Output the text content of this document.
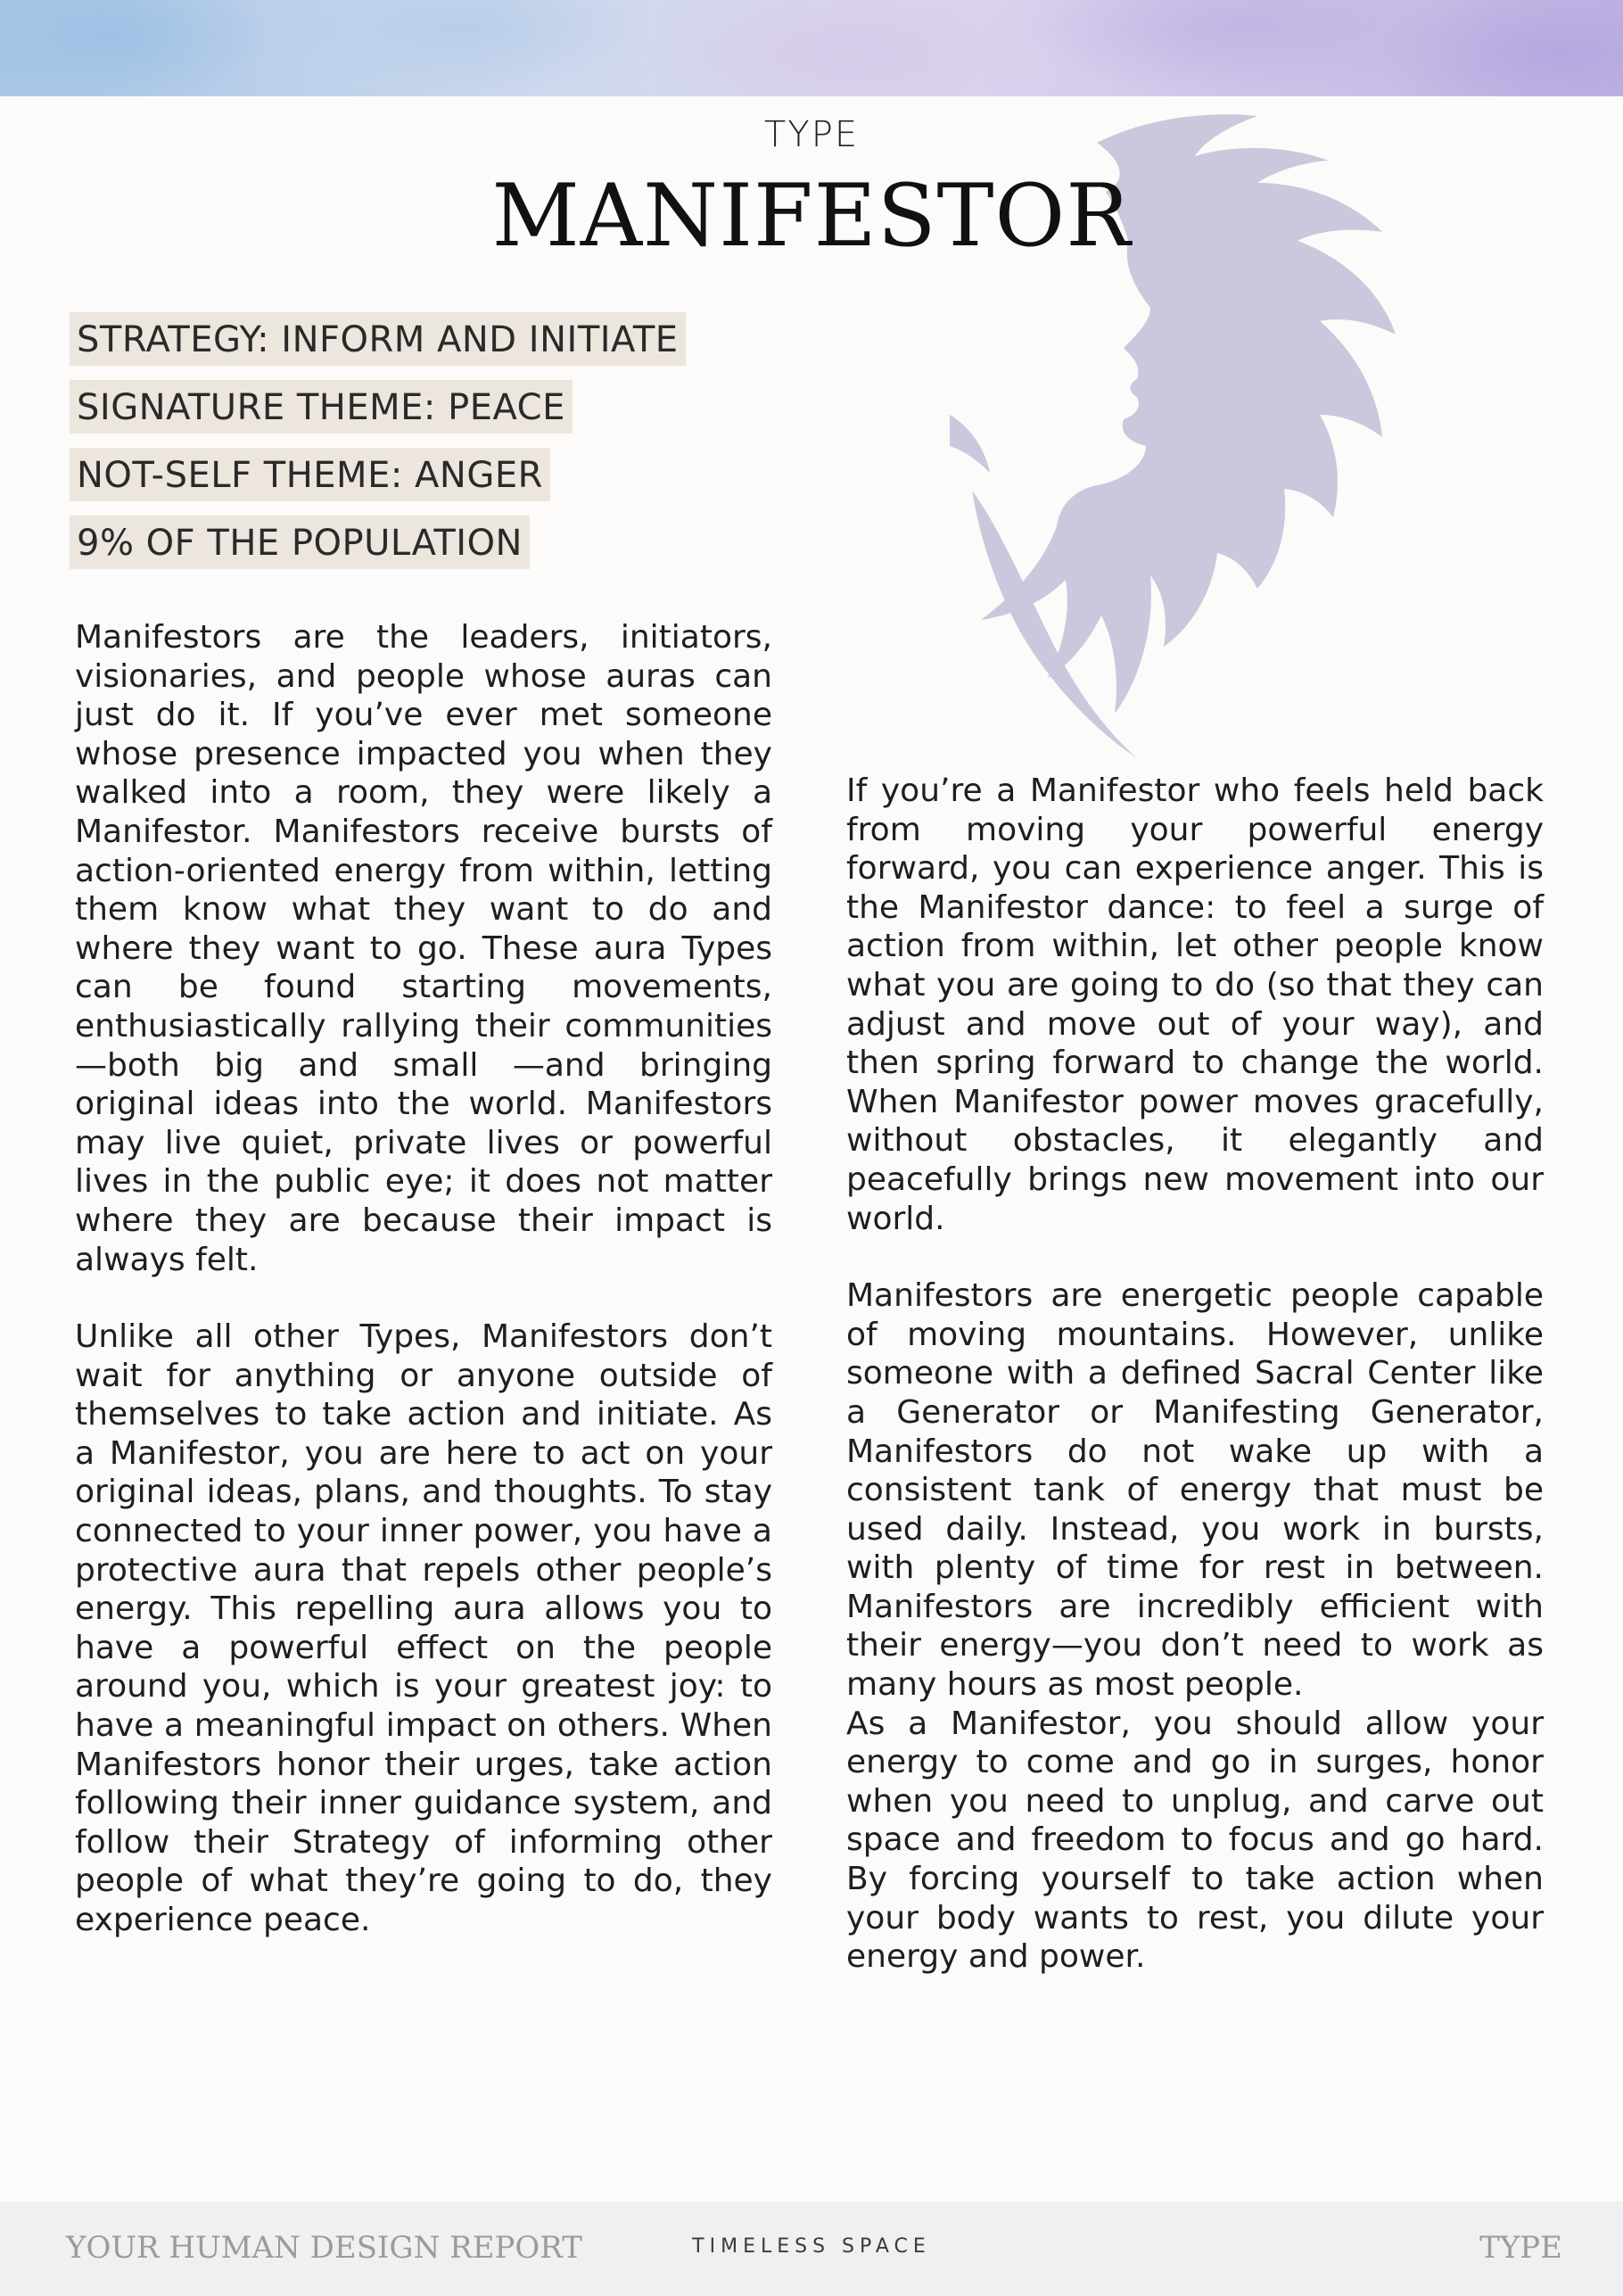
TYPE
MANIFESTOR
STRATEGY: INFORM AND INITIATE
SIGNATURE THEME: PEACE
NOT-SELF THEME: ANGER
9% OF THE POPULATION

Manifestors are the leaders, initiators, visionaries, and people whose auras can just do it. If you’ve ever met someone whose presence impacted you when they walked into a room, they were likely a Manifestor. Manifestors receive bursts of action-oriented energy from within, letting them know what they want to do and where they want to go. These aura Types can be found starting movements, enthusiastically rallying their communities—both big and small —and bringing original ideas into the world. Manifestors may live quiet, private lives or powerful lives in the public eye; it does not matter where they are because their impact is always felt.

Unlike all other Types, Manifestors don’t wait for anything or anyone outside of themselves to take action and initiate. As a Manifestor, you are here to act on your original ideas, plans, and thoughts. To stay connected to your inner power, you have a protective aura that repels other people’s energy. This repelling aura allows you to have a powerful effect on the people around you, which is your greatest joy: to have a meaningful impact on others. When Manifestors honor their urges, take action following their inner guidance system, and follow their Strategy of informing other people of what they’re going to do, they experience peace.

If you’re a Manifestor who feels held back from moving your powerful energy forward, you can experience anger. This is the Manifestor dance: to feel a surge of action from within, let other people know what you are going to do (so that they can adjust and move out of your way), and then spring forward to change the world. When Manifestor power moves gracefully, without obstacles, it elegantly and peacefully brings new movement into our world.

Manifestors are energetic people capable of moving mountains. However, unlike someone with a defined Sacral Center like a Generator or Manifesting Generator, Manifestors do not wake up with a consistent tank of energy that must be used daily. Instead, you work in bursts, with plenty of time for rest in between. Manifestors are incredibly efficient with their energy—you don’t need to work as many hours as most people.

As a Manifestor, you should allow your energy to come and go in surges, honor when you need to unplug, and carve out space and freedom to focus and go hard. By forcing yourself to take action when your body wants to rest, you dilute your energy and power.

YOUR HUMAN DESIGN REPORT	TIMELESS SPACE	TYPE
